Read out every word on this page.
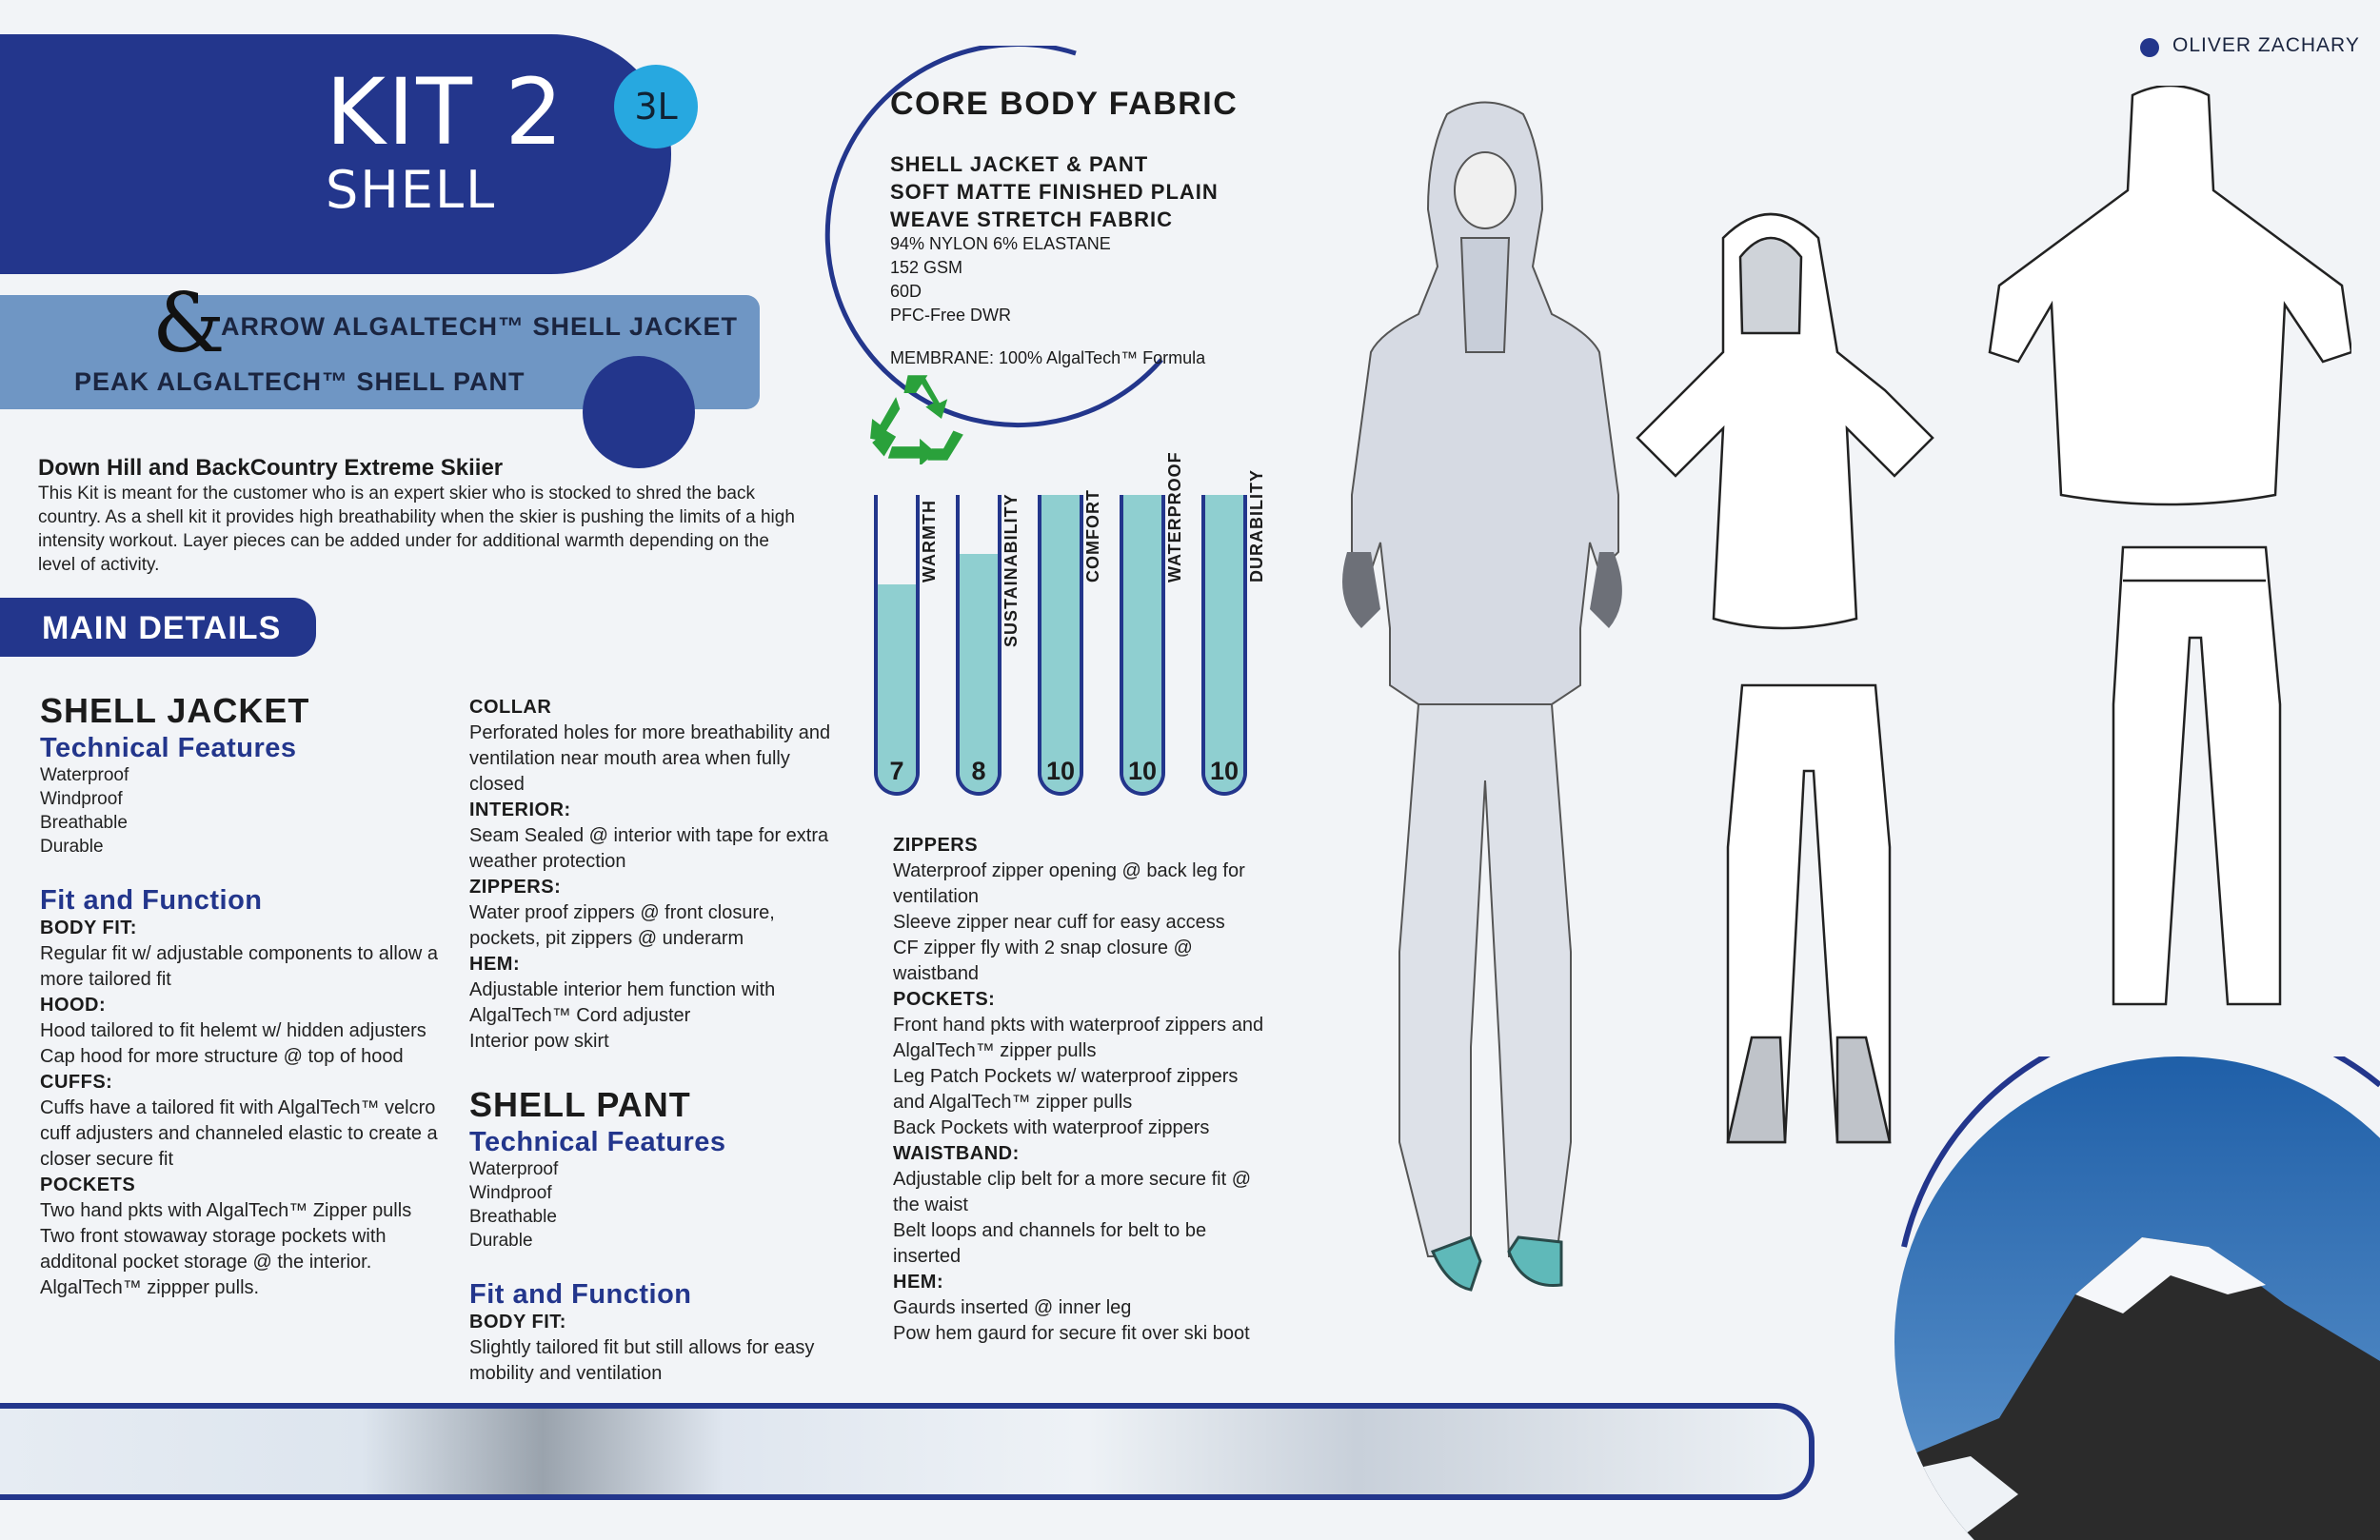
KIT 2
SHELL
3L
&
ARROW ALGALTECH™ SHELL JACKET
PEAK ALGALTECH™ SHELL PANT
OLIVER ZACHARY
Down Hill and BackCountry Extreme Skiier
This Kit is meant for the customer who is an expert skier who is stocked to shred the back country. As a shell kit it provides high breathability when the skier is pushing the limits of a high intensity workout. Layer pieces can be added under for additional warmth depending on the level of activity.
MAIN DETAILS
SHELL JACKET
Technical Features
Waterproof
Windproof
Breathable
Durable
Fit and Function
BODY FIT:
Regular fit w/ adjustable components to allow a more tailored fit
HOOD:
Hood tailored to fit helemt w/ hidden adjusters
Cap hood for more structure @ top of hood
CUFFS:
Cuffs have a tailored fit with AlgalTech™ velcro cuff adjusters and channeled elastic to create a closer secure fit
POCKETS
Two hand pkts with AlgalTech™ Zipper pulls
Two front stowaway storage pockets with additonal pocket storage @ the interior. AlgalTech™ zippper pulls.
COLLAR
Perforated holes for more breathability and ventilation near mouth area when fully closed
INTERIOR:
Seam Sealed @ interior with tape for extra weather protection
ZIPPERS:
Water proof zippers @ front closure, pockets, pit zippers @ underarm
HEM:
Adjustable interior hem function with AlgalTech™ Cord adjuster
Interior pow skirt
SHELL PANT
Technical Features
Waterproof
Windproof
Breathable
Durable
Fit and Function
BODY FIT:
Slightly tailored fit but still allows for easy mobility and ventilation
ZIPPERS
Waterproof zipper opening @ back leg for ventilation
Sleeve zipper near cuff for easy access
CF zipper fly with 2 snap closure @ waistband
POCKETS:
Front hand pkts with waterproof zippers and AlgalTech™ zipper pulls
Leg Patch Pockets w/ waterproof zippers and AlgalTech™ zipper pulls
Back Pockets with waterproof zippers
WAISTBAND:
Adjustable clip belt for a more secure fit @ the waist
Belt loops and channels for belt to be inserted
HEM:
Gaurds inserted @ inner leg
Pow hem gaurd for secure fit over ski boot
CORE BODY FABRIC
SHELL JACKET & PANT
SOFT MATTE FINISHED PLAIN
WEAVE STRETCH FABRIC
94% NYLON 6% ELASTANE
152 GSM
60D
PFC-Free DWR
MEMBRANE: 100% AlgalTech™ Formula
7
WARMTH
8
SUSTAINABILITY
10
COMFORT
10
WATERPROOF
10
DURABILITY
